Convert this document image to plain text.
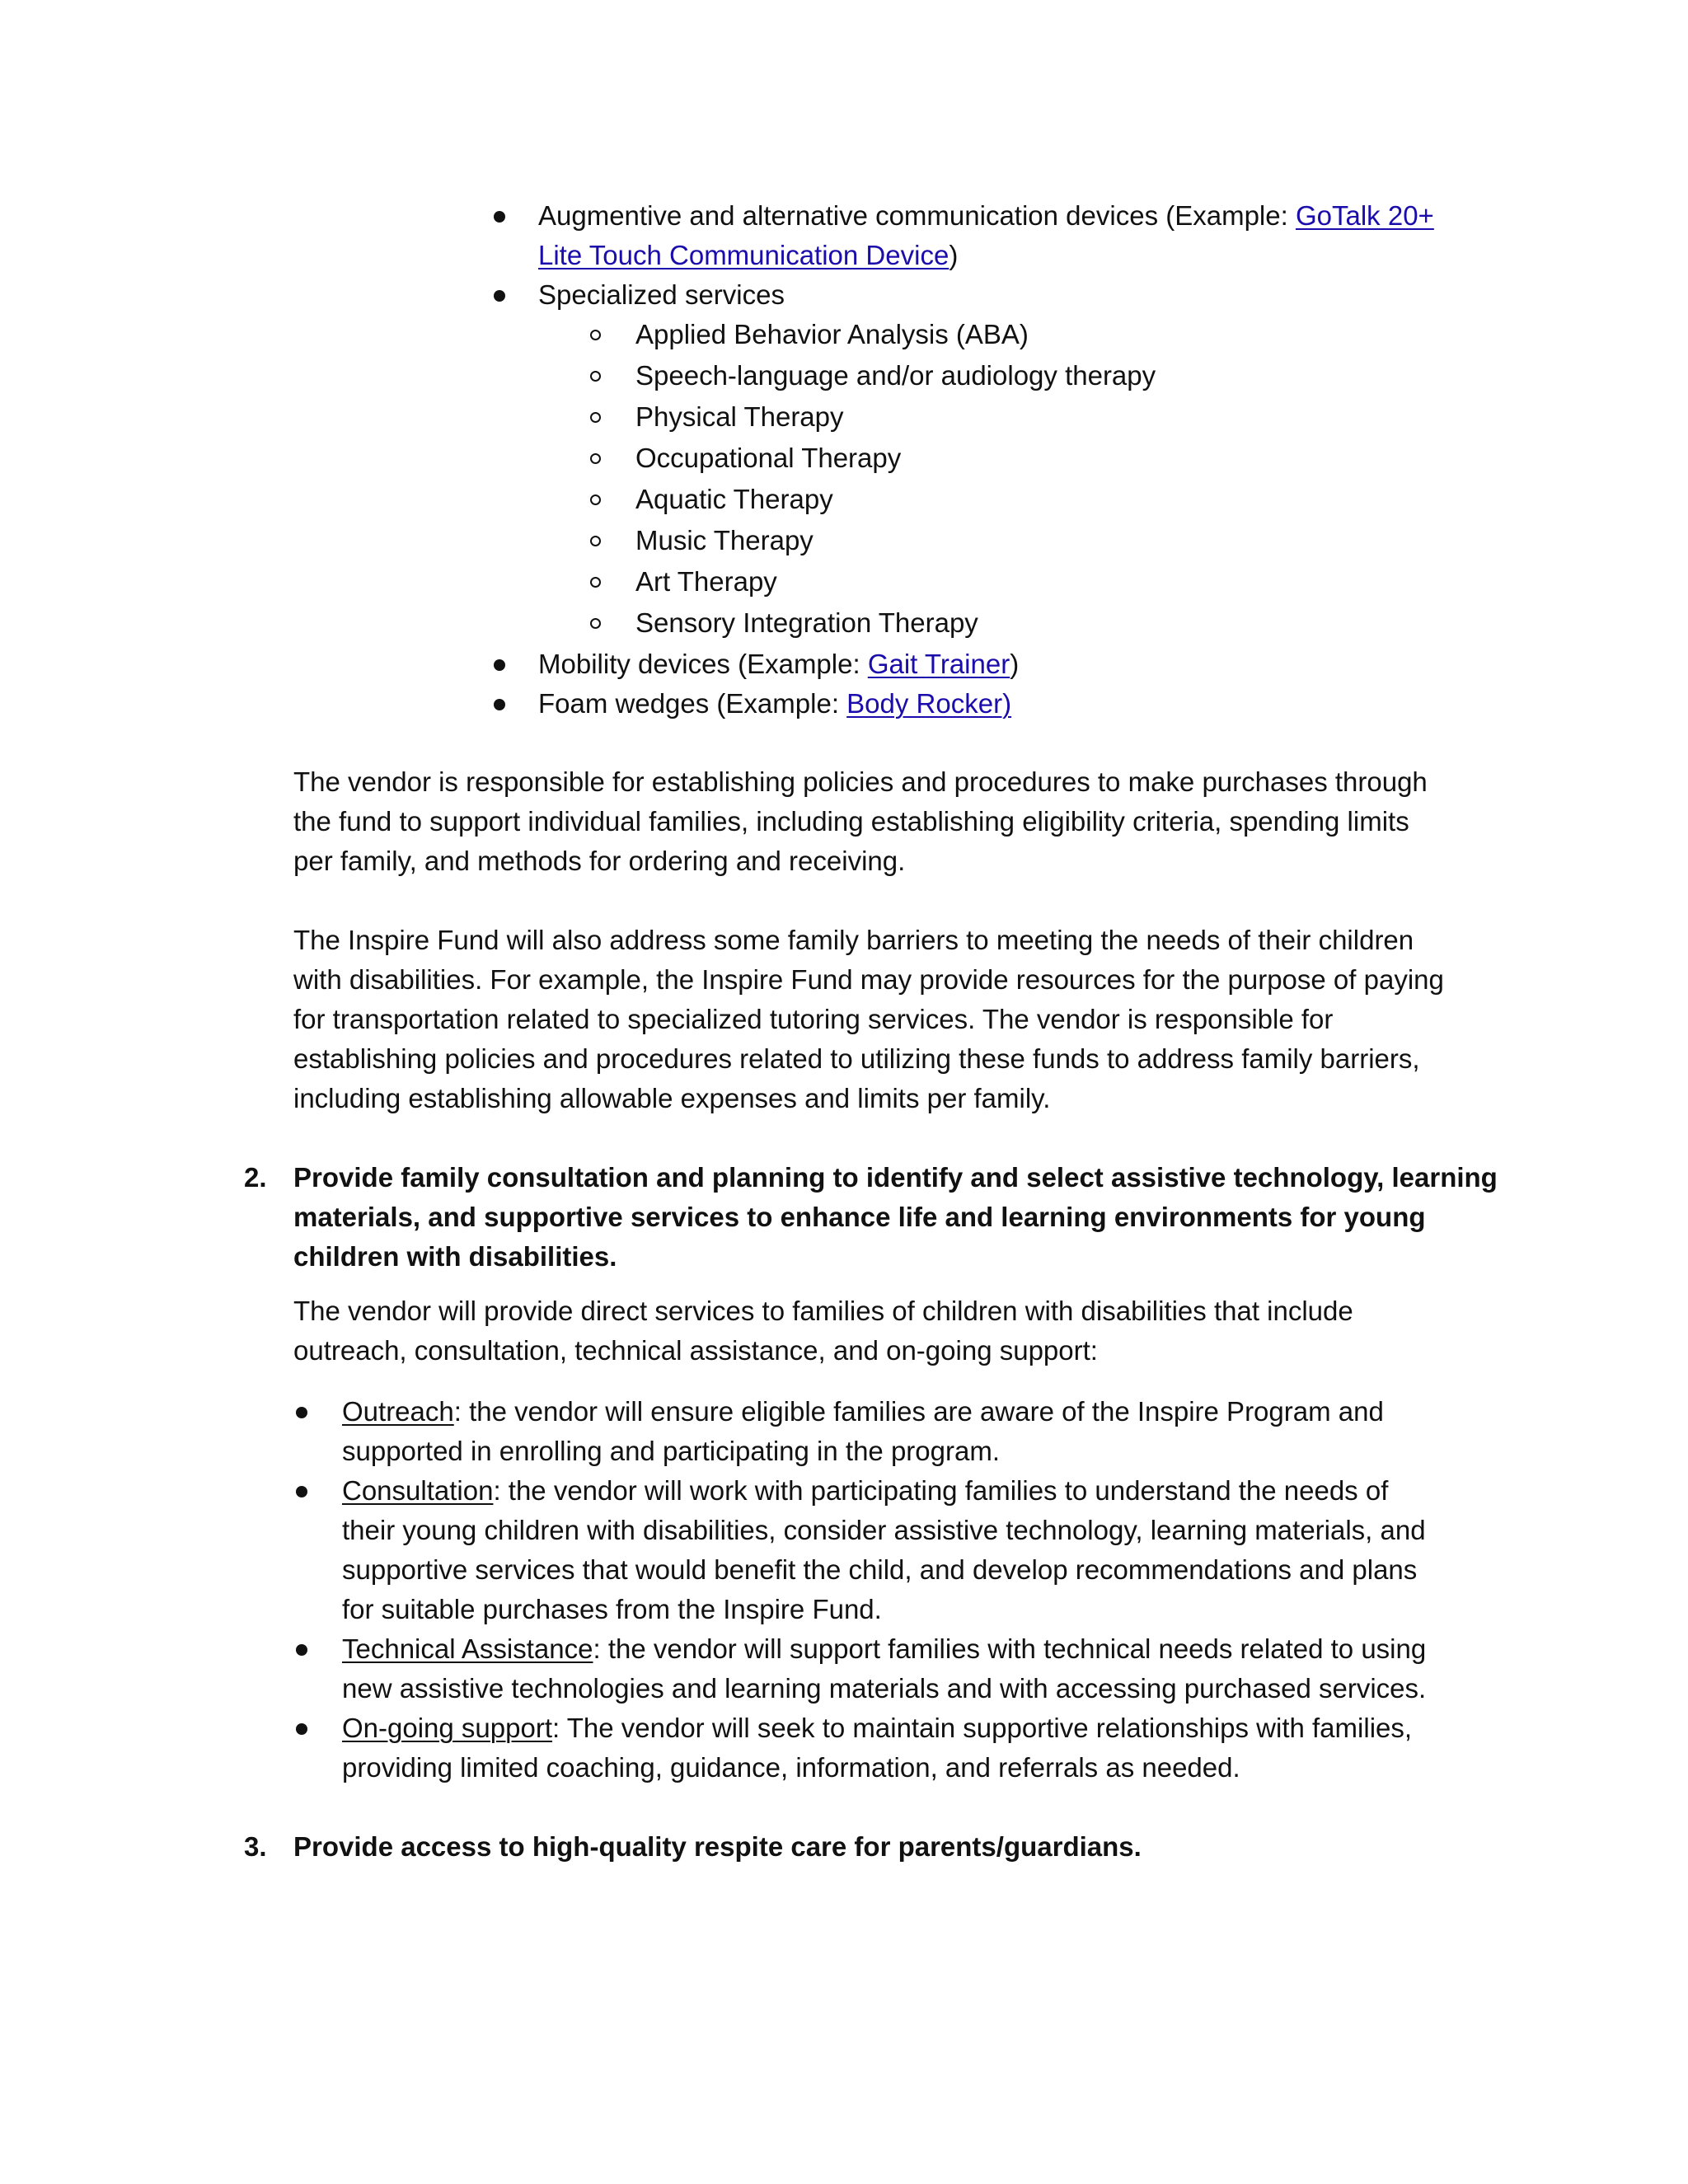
Augmentive and alternative communication devices (Example: GoTalk 20+
Lite Touch Communication Device)
Specialized services
Applied Behavior Analysis (ABA)
Speech-language and/or audiology therapy
Physical Therapy
Occupational Therapy
Aquatic Therapy
Music Therapy
Art Therapy
Sensory Integration Therapy
Mobility devices (Example: Gait Trainer)
Foam wedges (Example: Body Rocker)
The vendor is responsible for establishing policies and procedures to make purchases through
the fund to support individual families, including establishing eligibility criteria, spending limits
per family, and methods for ordering and receiving.
The Inspire Fund will also address some family barriers to meeting the needs of their children
with disabilities. For example, the Inspire Fund may provide resources for the purpose of paying
for transportation related to specialized tutoring services. The vendor is responsible for
establishing policies and procedures related to utilizing these funds to address family barriers,
including establishing allowable expenses and limits per family.
2. Provide family consultation and planning to identify and select assistive technology, learning
materials, and supportive services to enhance life and learning environments for young
children with disabilities.
The vendor will provide direct services to families of children with disabilities that include
outreach, consultation, technical assistance, and on-going support:
Outreach: the vendor will ensure eligible families are aware of the Inspire Program and
supported in enrolling and participating in the program.
Consultation: the vendor will work with participating families to understand the needs of
their young children with disabilities, consider assistive technology, learning materials, and
supportive services that would benefit the child, and develop recommendations and plans
for suitable purchases from the Inspire Fund.
Technical Assistance: the vendor will support families with technical needs related to using
new assistive technologies and learning materials and with accessing purchased services.
On-going support: The vendor will seek to maintain supportive relationships with families,
providing limited coaching, guidance, information, and referrals as needed.
3. Provide access to high-quality respite care for parents/guardians.
